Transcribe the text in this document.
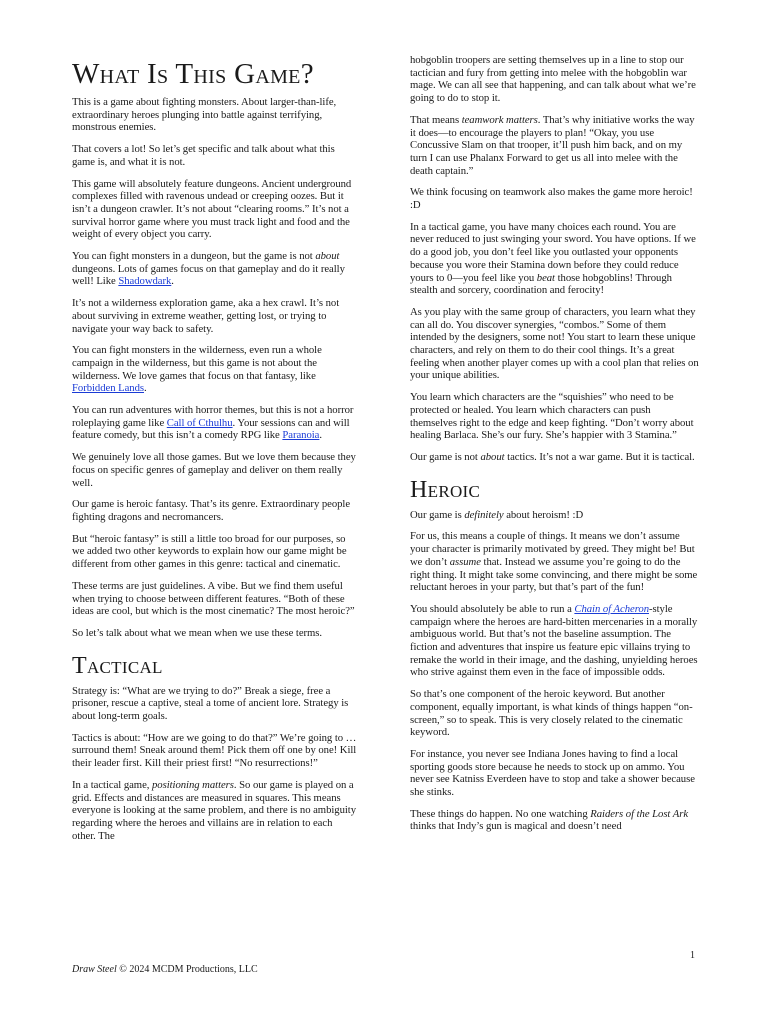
What Is This Game?

This is a game about fighting monsters. About larger-than-life, extraordinary heroes plunging into battle against terrifying, monstrous enemies.

That covers a lot! So let’s get specific and talk about what this game is, and what it is not.

This game will absolutely feature dungeons. Ancient underground complexes filled with ravenous undead or creeping oozes. But it isn’t a dungeon crawler. It’s not about “clearing rooms.” It’s not a survival horror game where you must track light and food and the weight of every object you carry.

You can fight monsters in a dungeon, but the game is not about dungeons. Lots of games focus on that gameplay and do it really well! Like Shadowdark.

It’s not a wilderness exploration game, aka a hex crawl. It’s not about surviving in extreme weather, getting lost, or trying to navigate your way back to safety.

You can fight monsters in the wilderness, even run a whole campaign in the wilderness, but this game is not about the wilderness. We love games that focus on that fantasy, like Forbidden Lands.

You can run adventures with horror themes, but this is not a horror roleplaying game like Call of Cthulhu. Your sessions can and will feature comedy, but this isn’t a comedy RPG like Paranoia.

We genuinely love all those games. But we love them because they focus on specific genres of gameplay and deliver on them really well.

Our game is heroic fantasy. That’s its genre. Extraordinary people fighting dragons and necromancers.

But “heroic fantasy” is still a little too broad for our purposes, so we added two other keywords to explain how our game might be different from other games in this genre: tactical and cinematic.

These terms are just guidelines. A vibe. But we find them useful when trying to choose between different features. “Both of these ideas are cool, but which is the most cinematic? The most heroic?”

So let’s talk about what we mean when we use these terms.

Tactical

Strategy is: “What are we trying to do?” Break a siege, free a prisoner, rescue a captive, steal a tome of ancient lore. Strategy is about long-term goals.

Tactics is about: “How are we going to do that?” We’re going to … surround them! Sneak around them! Pick them off one by one! Kill their leader first. Kill their priest first! “No resurrections!”

In a tactical game, positioning matters. So our game is played on a grid. Effects and distances are measured in squares. This means everyone is looking at the same problem, and there is no ambiguity regarding where the heroes and villains are in relation to each other. The

hobgoblin troopers are setting themselves up in a line to stop our tactician and fury from getting into melee with the hobgoblin war mage. We can all see that happening, and can talk about what we’re going to do to stop it.

That means teamwork matters. That’s why initiative works the way it does—to encourage the players to plan! “Okay, you use Concussive Slam on that trooper, it’ll push him back, and on my turn I can use Phalanx Forward to get us all into melee with the death captain.”

We think focusing on teamwork also makes the game more heroic! :D

In a tactical game, you have many choices each round. You are never reduced to just swinging your sword. You have options. If we do a good job, you don’t feel like you outlasted your opponents because you wore their Stamina down before they could reduce yours to 0—you feel like you beat those hobgoblins! Through stealth and sorcery, coordination and ferocity!

As you play with the same group of characters, you learn what they can all do. You discover synergies, “combos.” Some of them intended by the designers, some not! You start to learn these unique characters, and rely on them to do their cool things. It’s a great feeling when another player comes up with a cool plan that relies on your unique abilities.

You learn which characters are the “squishies” who need to be protected or healed. You learn which characters can push themselves right to the edge and keep fighting. “Don’t worry about healing Barlaca. She’s our fury. She’s happier with 3 Stamina.”

Our game is not about tactics. It’s not a war game. But it is tactical.

Heroic

Our game is definitely about heroism! :D

For us, this means a couple of things. It means we don’t assume your character is primarily motivated by greed. They might be! But we don’t assume that. Instead we assume you’re going to do the right thing. It might take some convincing, and there might be some reluctant heroes in your party, but that’s part of the fun!

You should absolutely be able to run a Chain of Acheron-style campaign where the heroes are hard-bitten mercenaries in a morally ambiguous world. But that’s not the baseline assumption. The fiction and adventures that inspire us feature epic villains trying to remake the world in their image, and the dashing, unyielding heroes who strive against them even in the face of impossible odds.

So that’s one component of the heroic keyword. But another component, equally important, is what kinds of things happen “on-screen,” so to speak. This is very closely related to the cinematic keyword.

For instance, you never see Indiana Jones having to find a local sporting goods store because he needs to stock up on ammo. You never see Katniss Everdeen have to stop and take a shower because she stinks.

These things do happen. No one watching Raiders of the Lost Ark thinks that Indy’s gun is magical and doesn’t need

Draw Steel © 2024 MCDM Productions, LLC
1
